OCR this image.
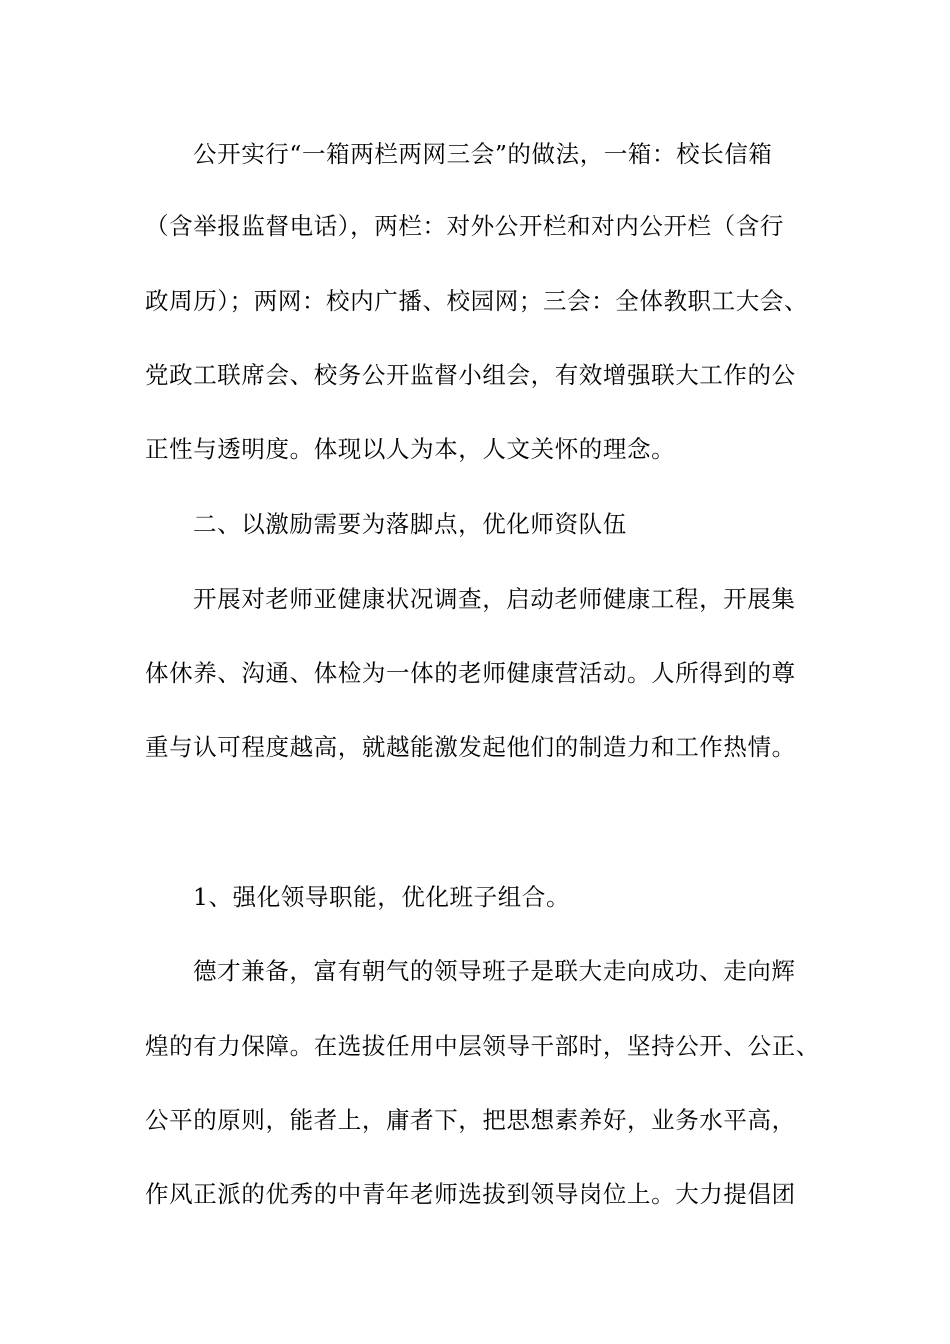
公开实行“一箱两栏两网三会”的做法，一箱：校长信箱
（含举报监督电话），两栏：对外公开栏和对内公开栏（含行
政周历）；两网：校内广播、校园网；三会：全体教职工大会、
党政工联席会、校务公开监督小组会，有效增强联大工作的公
正性与透明度。体现以人为本，人文关怀的理念。
二、以激励需要为落脚点，优化师资队伍
开展对老师亚健康状况调查，启动老师健康工程，开展集
体休养、沟通、体检为一体的老师健康营活动。人所得到的尊
重与认可程度越高，就越能激发起他们的制造力和工作热情。
1、强化领导职能，优化班子组合。
德才兼备，富有朝气的领导班子是联大走向成功、走向辉
煌的有力保障。在选拔任用中层领导干部时，坚持公开、公正、
公平的原则，能者上，庸者下，把思想素养好，业务水平高，
作风正派的优秀的中青年老师选拔到领导岗位上。大力提倡团
